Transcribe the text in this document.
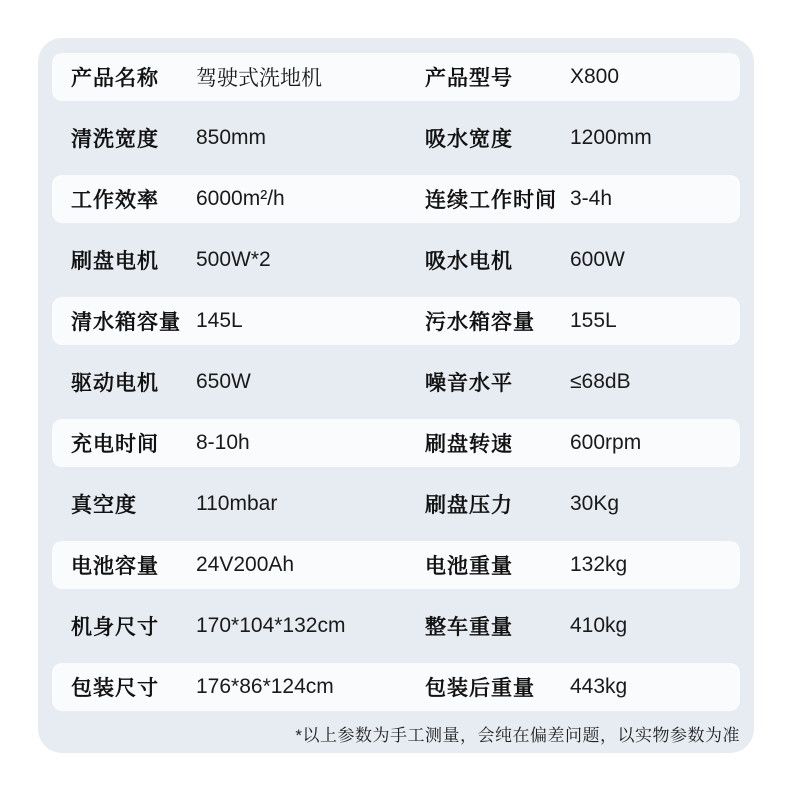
产品名称	驾驶式洗地机	产品型号	X800
清洗宽度	850mm	吸水宽度	1200mm
工作效率	6000m²/h	连续工作时间 3-4h
刷盘电机	500W*2	吸水电机	600W
清水箱容量 145L	污水箱容量	155L
驱动电机	650W	噪音水平	≤68dB
充电时间	8-10h	刷盘转速	600rpm
真空度	110mbar	刷盘压力	30Kg
电池容量	24V200Ah	电池重量	132kg
机身尺寸	170*104*132cm	整车重量	410kg
包装尺寸	176*86*124cm	包装后重量	443kg
*以上参数为手工测量，会纯在偏差问题，以实物参数为准
